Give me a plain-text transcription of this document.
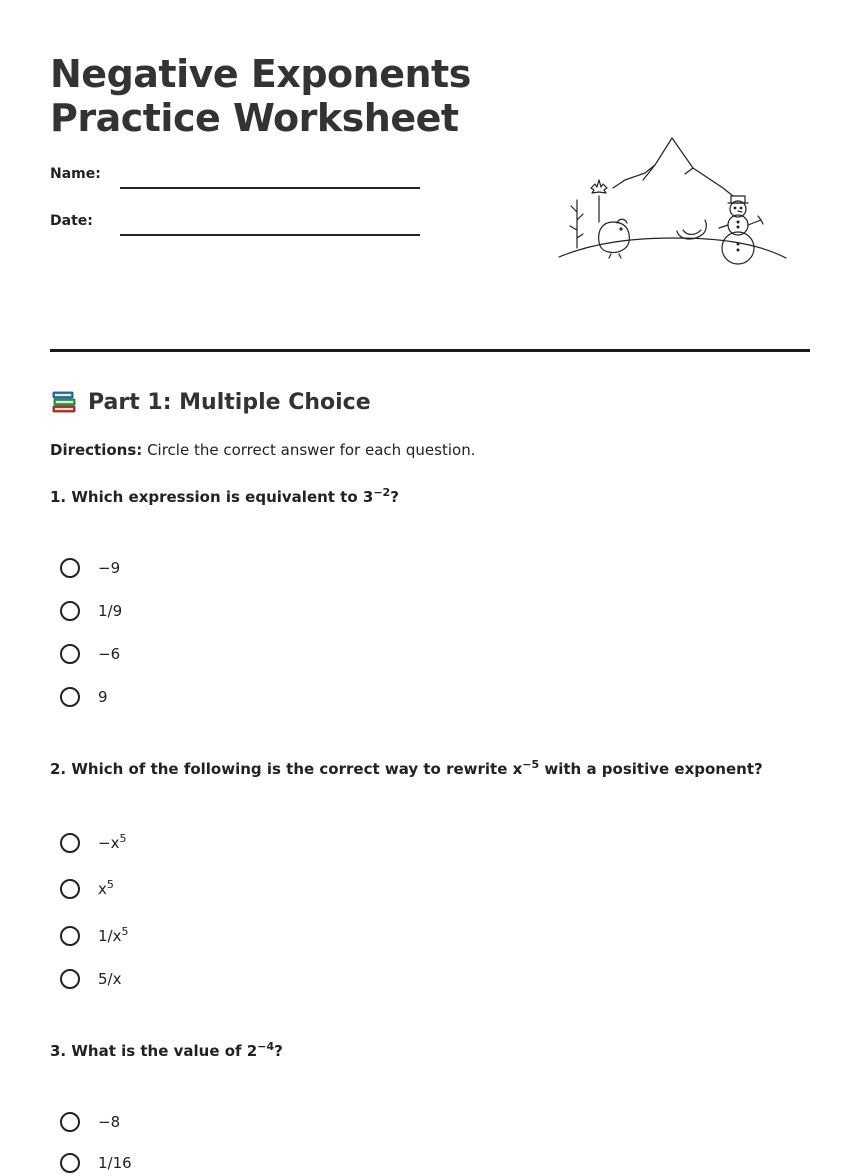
Negative Exponents
Practice Worksheet
Name:
Date:
Part 1: Multiple Choice
Directions: Circle the correct answer for each question.
1. Which expression is equivalent to $3^{-2}$?
−9
1/9
−6
9
2. Which of the following is the correct way to rewrite $x^{-5}$ with a positive exponent?
$-x^5$
$x^5$
$1/x^5$
5/x
3. What is the value of $2^{-4}$?
−8
1/16
